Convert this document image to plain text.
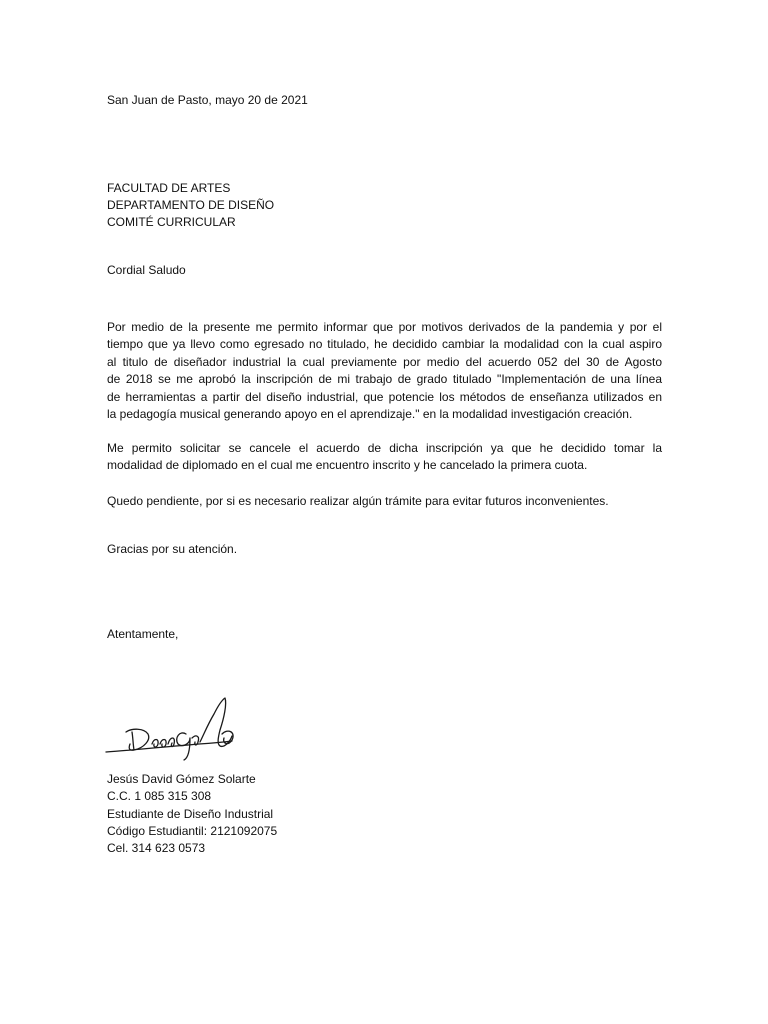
San Juan de Pasto, mayo 20 de 2021
FACULTAD DE ARTES
DEPARTAMENTO DE DISEÑO
COMITÉ CURRICULAR
Cordial Saludo
Por medio de la presente me permito informar que por motivos derivados de la pandemia y por el
tiempo que ya llevo como egresado no titulado, he decidido cambiar la modalidad con la cual aspiro
al titulo de diseñador industrial la cual previamente por medio del acuerdo 052 del 30 de Agosto
de 2018 se me aprobó la inscripción de mi trabajo de grado titulado "Implementación de una línea
de herramientas a partir del diseño industrial, que potencie los métodos de enseñanza utilizados en
la pedagogía musical generando apoyo en el aprendizaje." en la modalidad investigación creación.
Me permito solicitar se cancele el acuerdo de dicha inscripción ya que he decidido tomar la
modalidad de diplomado en el cual me encuentro inscrito y he cancelado la primera cuota.
Quedo pendiente, por si es necesario realizar algún trámite para evitar futuros inconvenientes.
Gracias por su atención.
Atentamente,
Jesús David Gómez Solarte
C.C. 1 085 315 308
Estudiante de Diseño Industrial
Código Estudiantil: 2121092075
Cel. 314 623 0573
